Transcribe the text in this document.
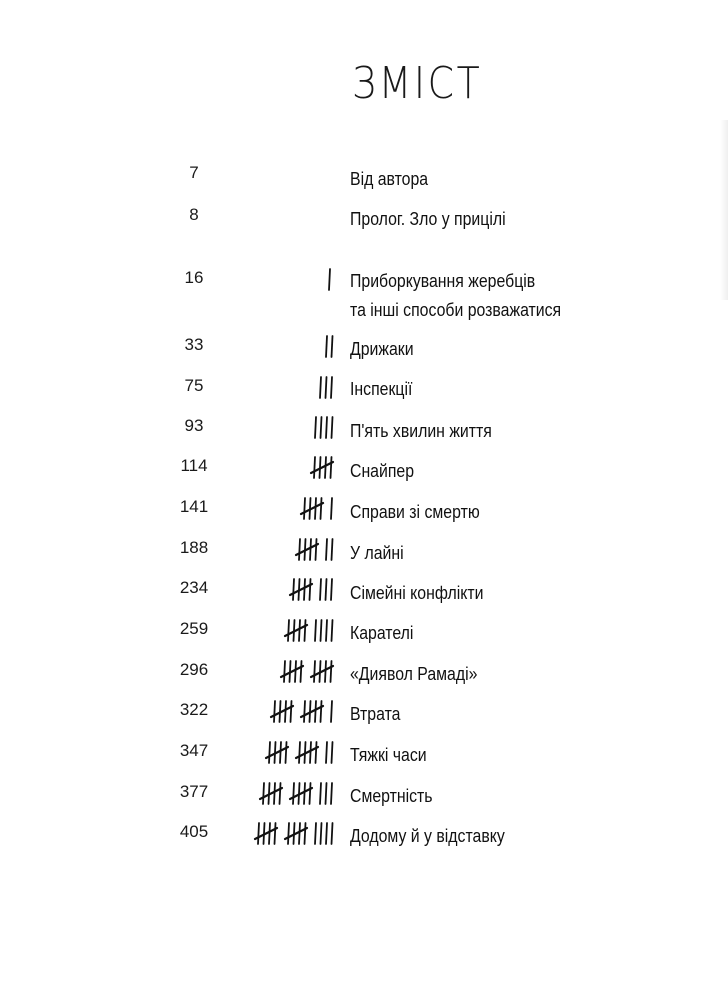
ЗМІСТ
7	Від автора
8	Пролог. Зло у прицілі
16	Приборкування жеребців
та інші способи розважатися
33	Дрижаки
75	Інспекції
93	П'ять хвилин життя
114	Снайпер
141	Справи зі смертю
188	У лайні
234	Сімейні конфлікти
259	Карателі
296	«Диявол Рамаді»
322	Втрата
347	Тяжкі часи
377	Смертність
405	Додому й у відставку
